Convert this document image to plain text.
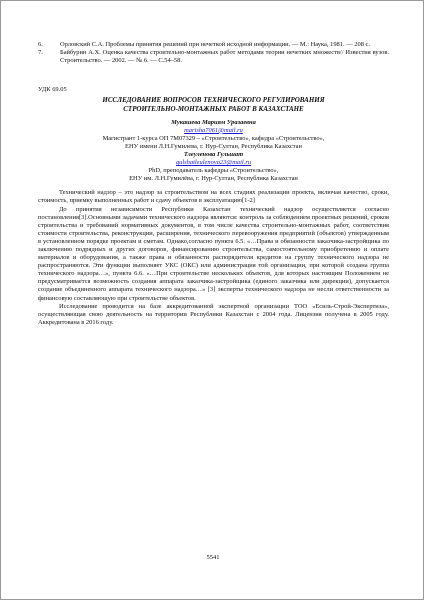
6.	Орловский С.А. Проблемы принятия решений при нечеткой исходной информации. — М.: Наука, 1981. — 208 с.
7.	Байбурин А.Х. Оценка качества строительно-монтажных работ методами теории нечетких множеств// Известия вузов. Строительство. — 2002. — № 6. — С.54–58.
УДК 69.05
ИССЛЕДОВАНИЕ ВОПРОСОВ ТЕХНИЧЕСКОГО РЕГУЛИРОВАНИЯ
СТРОИТЕЛЬНО-МОНТАЖНЫХ РАБОТ В КАЗАХСТАНЕ
Мукашева Мариям Уразаевна
marisha7061@mail.ru
Магистрант 1-курса ОП 7М07329 – «Строительство», кафедра «Строительство»,
ЕНУ имени Л.Н.Гумилева, г. Нур-Султан, Республика Казахстан
Тлеуленова Гульшат
gulshatleulenova23@mail.ru
PhD, преподаватель кафедры «Строительство»,
ЕНУ им. Л.Н.Гумилёва, г. Нур-Султан, Республика Казахстан

Технический надзор – это надзор за строительством на всех стадиях реализации проекта, включая качество, сроки, стоимость, приемку выполненных работ и сдачу объектов в эксплуатацию[1-2]

До принятия независимости Республики Казахстан технический надзор осуществляется согласно постановления[3].Основными задачами технического надзора являются: контроль за соблюдением проектных решений, сроков строительства и требований нормативных документов, в том числе качества строительно-монтажных работ, соответствия стоимости строительства, реконструкции, расширения, технического перевооружения предприятий (объектов) утвержденным в установленном порядке проектам и сметам. Однако,согласно пункта 6.5. «…Права и обязанности заказчика-застройщика по заключению подрядных и других договоров, финансированию строительства, самостоятельному приобретению и оплате материалов и оборудования, а также права и обязанности распорядителя кредитов на группу технического надзора не распространяются. Эти функции выполняет УКС (ОКС) или администрация той организации, при которой создана группа технического надзора…», пункта 6.6. «…При строительстве нескольких объектов, для которых настоящим Положением не предусматривается возможность создания аппарата заказчика-застройщика (единого заказчика или дирекции), допускается создание объединенного аппарата технического надзора…» [3] эксперты технического надзора не несли ответственности за финансовую составляющую при строительстве объектов.

Исследование проводится на базе аккредитованной экспертной организации ТОО «Есиль-Строй-Экспертиза», осуществляющая свою деятельность на территории Республики Казахстан с 2004 года. Лицензия получена в 2005 году. Аккредитована в 2016 году.

5541
